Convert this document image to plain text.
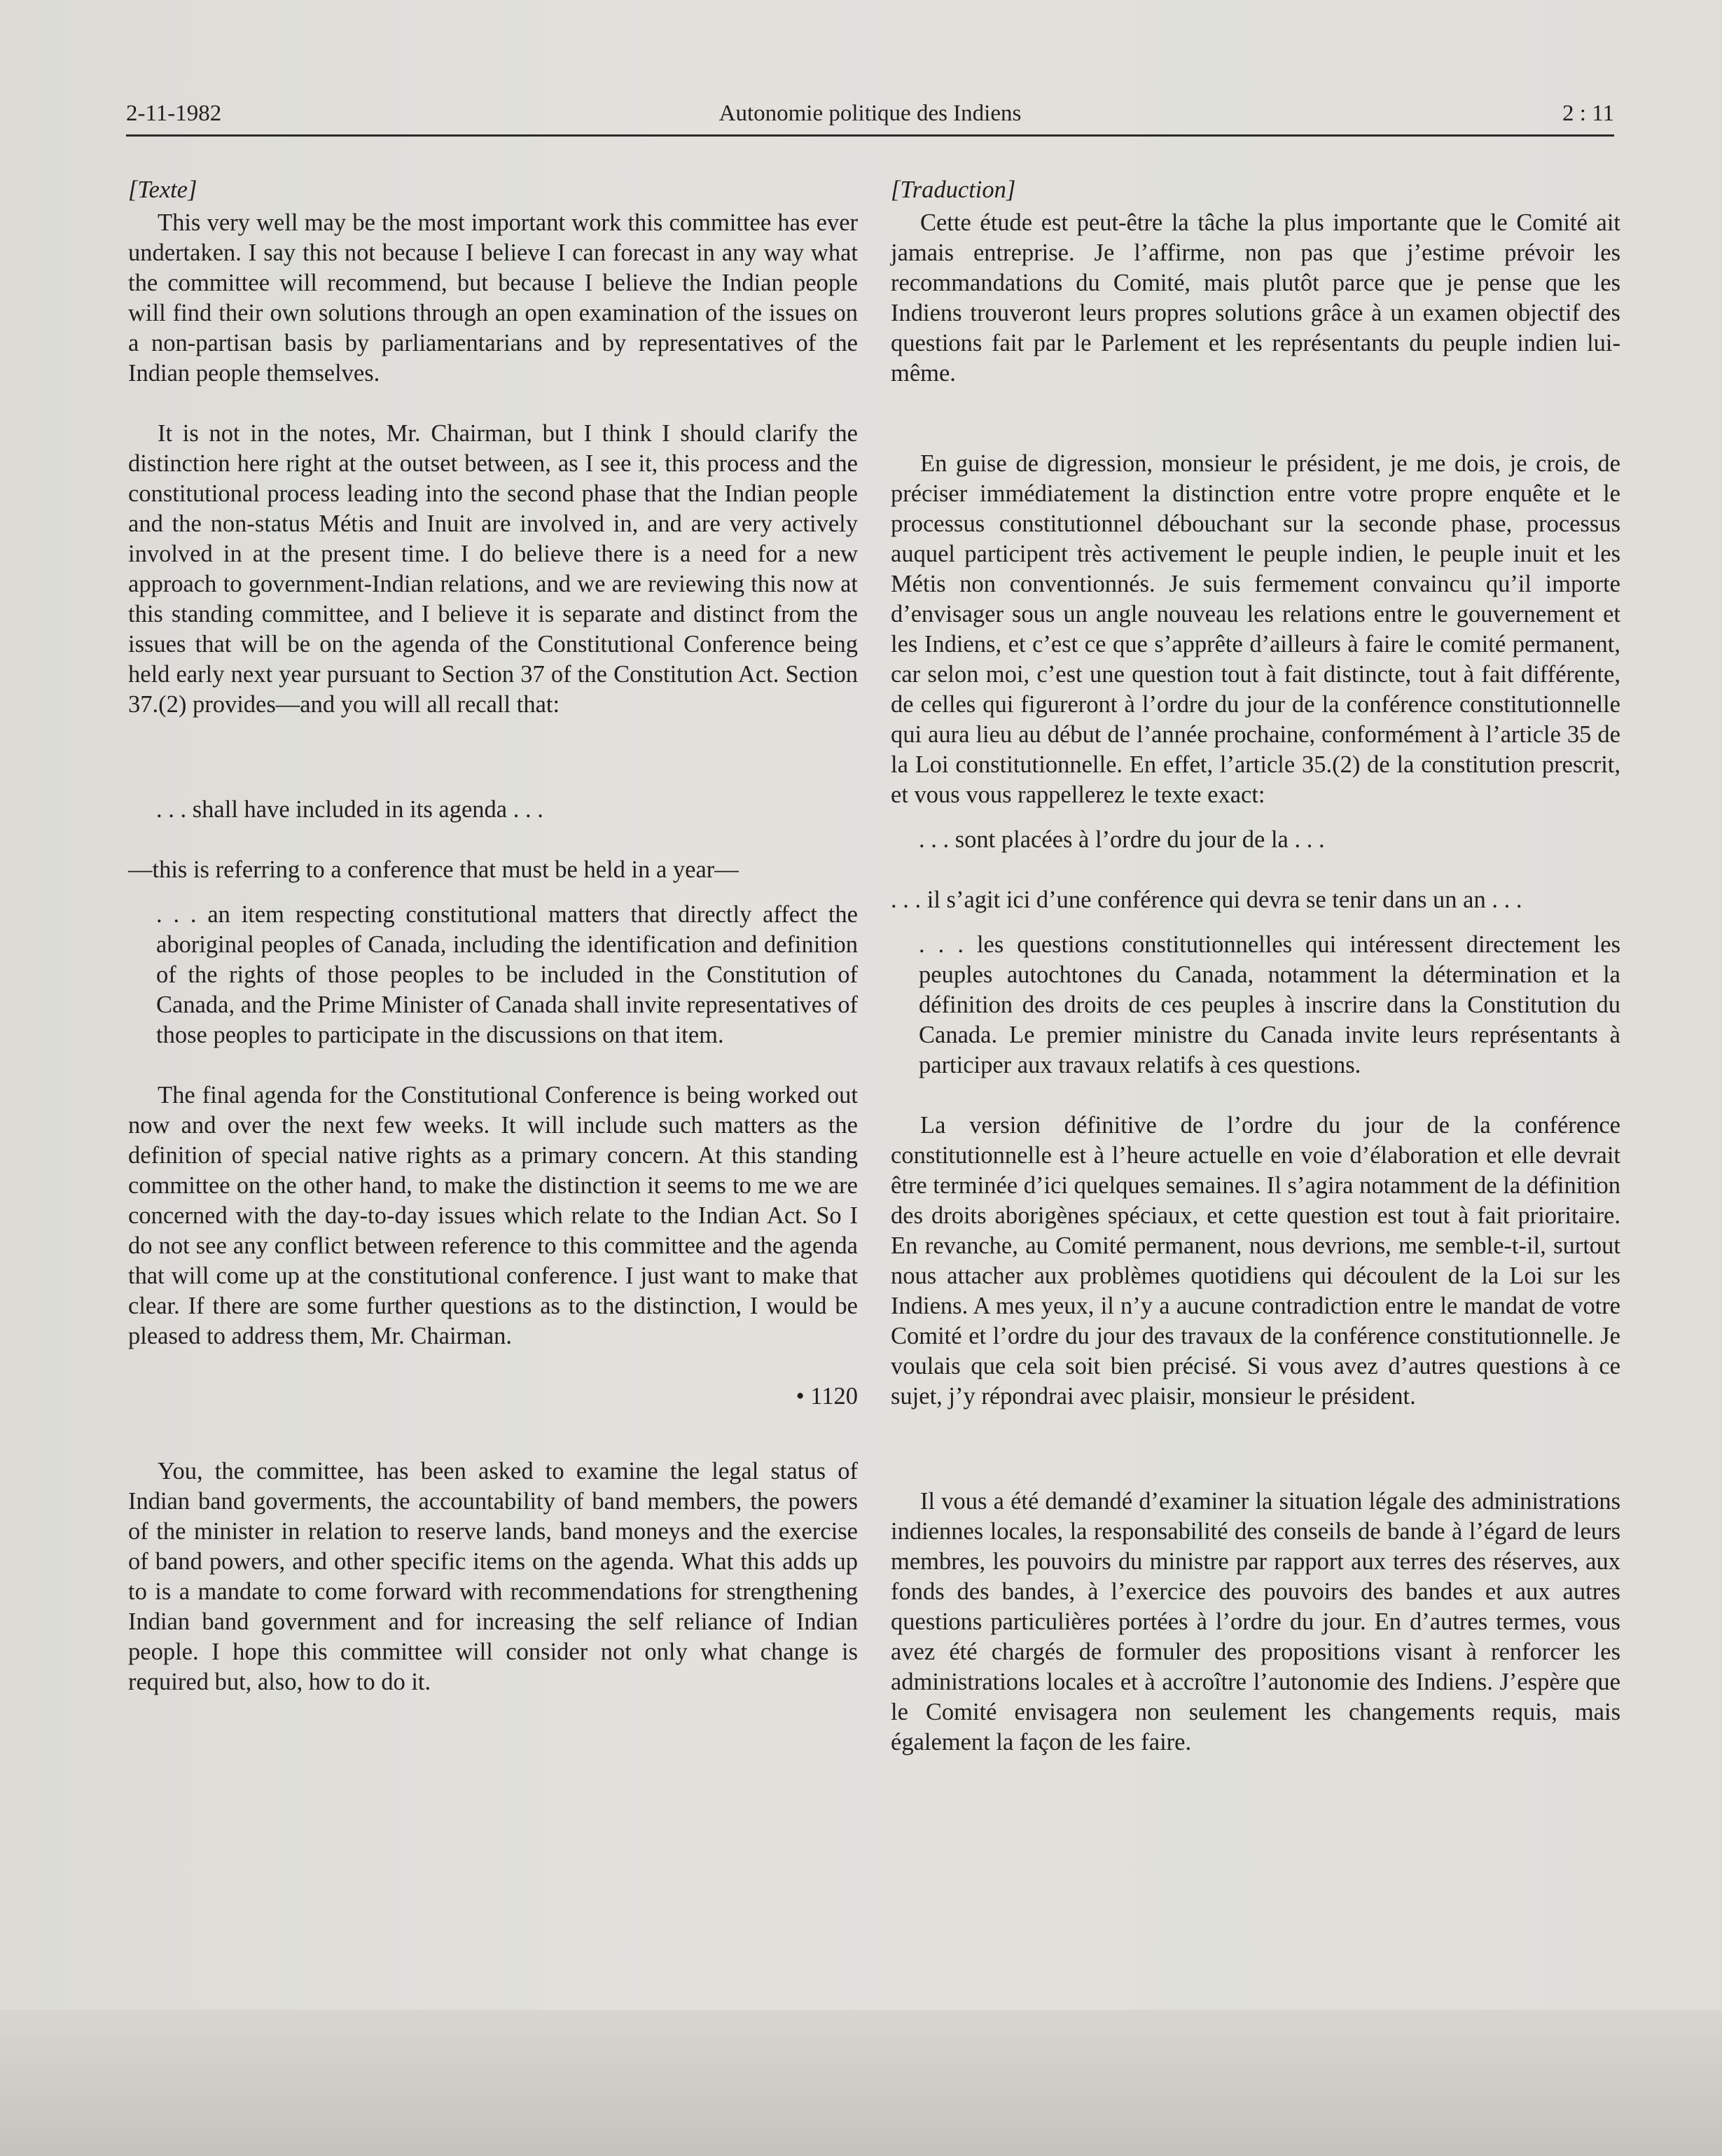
2-11-1982	Autonomie politique des Indiens	2 : 11
[Texte]

This very well may be the most important work this committee has ever undertaken. I say this not because I believe I can forecast in any way what the committee will recommend, but because I believe the Indian people will find their own solutions through an open examination of the issues on a non-partisan basis by parliamentarians and by representatives of the Indian people themselves.

It is not in the notes, Mr. Chairman, but I think I should clarify the distinction here right at the outset between, as I see it, this process and the constitutional process leading into the second phase that the Indian people and the non-status Métis and Inuit are involved in, and are very actively involved in at the present time. I do believe there is a need for a new approach to government-Indian relations, and we are reviewing this now at this standing committee, and I believe it is separate and distinct from the issues that will be on the agenda of the Constitutional Conference being held early next year pursuant to Section 37 of the Constitution Act. Section 37.(2) provides—and you will all recall that:

. . . shall have included in its agenda . . .

—this is referring to a conference that must be held in a year—

. . . an item respecting constitutional matters that directly affect the aboriginal peoples of Canada, including the identification and definition of the rights of those peoples to be included in the Constitution of Canada, and the Prime Minister of Canada shall invite representatives of those peoples to participate in the discussions on that item.

The final agenda for the Constitutional Conference is being worked out now and over the next few weeks. It will include such matters as the definition of special native rights as a primary concern. At this standing committee on the other hand, to make the distinction it seems to me we are concerned with the day-to-day issues which relate to the Indian Act. So I do not see any conflict between reference to this committee and the agenda that will come up at the constitutional conference. I just want to make that clear. If there are some further questions as to the distinction, I would be pleased to address them, Mr. Chairman.

• 1120

You, the committee, has been asked to examine the legal status of Indian band goverments, the accountability of band members, the powers of the minister in relation to reserve lands, band moneys and the exercise of band powers, and other specific items on the agenda. What this adds up to is a mandate to come forward with recommendations for strengthening Indian band government and for increasing the self reliance of Indian people. I hope this committee will consider not only what change is required but, also, how to do it.

[Traduction]

Cette étude est peut-être la tâche la plus importante que le Comité ait jamais entreprise. Je l’affirme, non pas que j’estime prévoir les recommandations du Comité, mais plutôt parce que je pense que les Indiens trouveront leurs propres solutions grâce à un examen objectif des questions fait par le Parlement et les représentants du peuple indien lui-même.

En guise de digression, monsieur le président, je me dois, je crois, de préciser immédiatement la distinction entre votre propre enquête et le processus constitutionnel débouchant sur la seconde phase, processus auquel participent très activement le peuple indien, le peuple inuit et les Métis non conventionnés. Je suis fermement convaincu qu’il importe d’envisager sous un angle nouveau les relations entre le gouvernement et les Indiens, et c’est ce que s’apprête d’ailleurs à faire le comité permanent, car selon moi, c’est une question tout à fait distincte, tout à fait différente, de celles qui figureront à l’ordre du jour de la conférence constitutionnelle qui aura lieu au début de l’année prochaine, conformément à l’article 35 de la Loi constitutionnelle. En effet, l’article 35.(2) de la constitution prescrit, et vous vous rappellerez le texte exact:

. . . sont placées à l’ordre du jour de la . . .

. . . il s’agit ici d’une conférence qui devra se tenir dans un an . . .

. . . les questions constitutionnelles qui intéressent directement les peuples autochtones du Canada, notamment la détermination et la définition des droits de ces peuples à inscrire dans la Constitution du Canada. Le premier ministre du Canada invite leurs représentants à participer aux travaux relatifs à ces questions.

La version définitive de l’ordre du jour de la conférence constitutionnelle est à l’heure actuelle en voie d’élaboration et elle devrait être terminée d’ici quelques semaines. Il s’agira notamment de la définition des droits aborigènes spéciaux, et cette question est tout à fait prioritaire. En revanche, au Comité permanent, nous devrions, me semble-t-il, surtout nous attacher aux problèmes quotidiens qui découlent de la Loi sur les Indiens. A mes yeux, il n’y a aucune contradiction entre le mandat de votre Comité et l’ordre du jour des travaux de la conférence constitutionnelle. Je voulais que cela soit bien précisé. Si vous avez d’autres questions à ce sujet, j’y répondrai avec plaisir, monsieur le président.

Il vous a été demandé d’examiner la situation légale des administrations indiennes locales, la responsabilité des conseils de bande à l’égard de leurs membres, les pouvoirs du ministre par rapport aux terres des réserves, aux fonds des bandes, à l’exercice des pouvoirs des bandes et aux autres questions particulières portées à l’ordre du jour. En d’autres termes, vous avez été chargés de formuler des propositions visant à renforcer les administrations locales et à accroître l’autonomie des Indiens. J’espère que le Comité envisagera non seulement les changements requis, mais également la façon de les faire.
